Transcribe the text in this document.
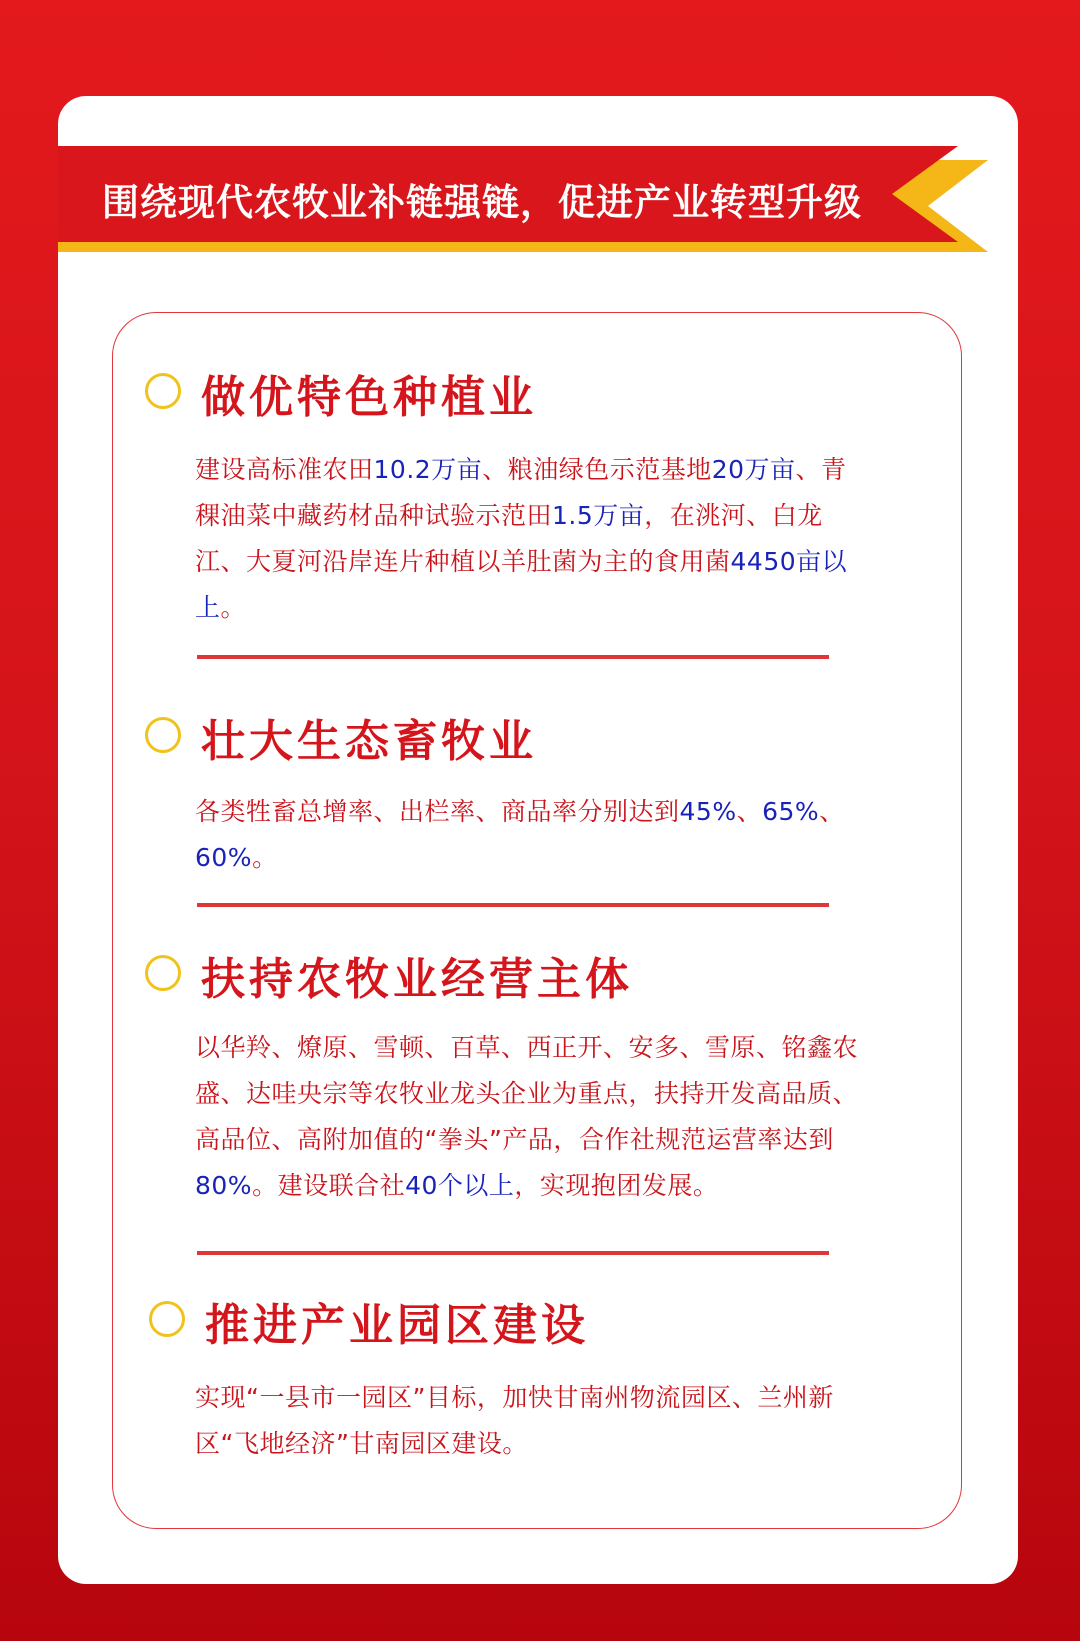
围绕现代农牧业补链强链，促进产业转型升级
做优特色种植业
建设高标准农田10.2万亩、粮油绿色示范基地20万亩、青稞油菜中藏药材品种试验示范田1.5万亩，在洮河、白龙江、大夏河沿岸连片种植以羊肚菌为主的食用菌4450亩以上。
壮大生态畜牧业
各类牲畜总增率、出栏率、商品率分别达到45%、65%、60%。
扶持农牧业经营主体
以华羚、燎原、雪顿、百草、西正开、安多、雪原、铭鑫农盛、达哇央宗等农牧业龙头企业为重点，扶持开发高品质、高品位、高附加值的“拳头”产品，合作社规范运营率达到80%。建设联合社40个以上，实现抱团发展。
推进产业园区建设
实现“一县市一园区”目标，加快甘南州物流园区、兰州新区“飞地经济”甘南园区建设。
